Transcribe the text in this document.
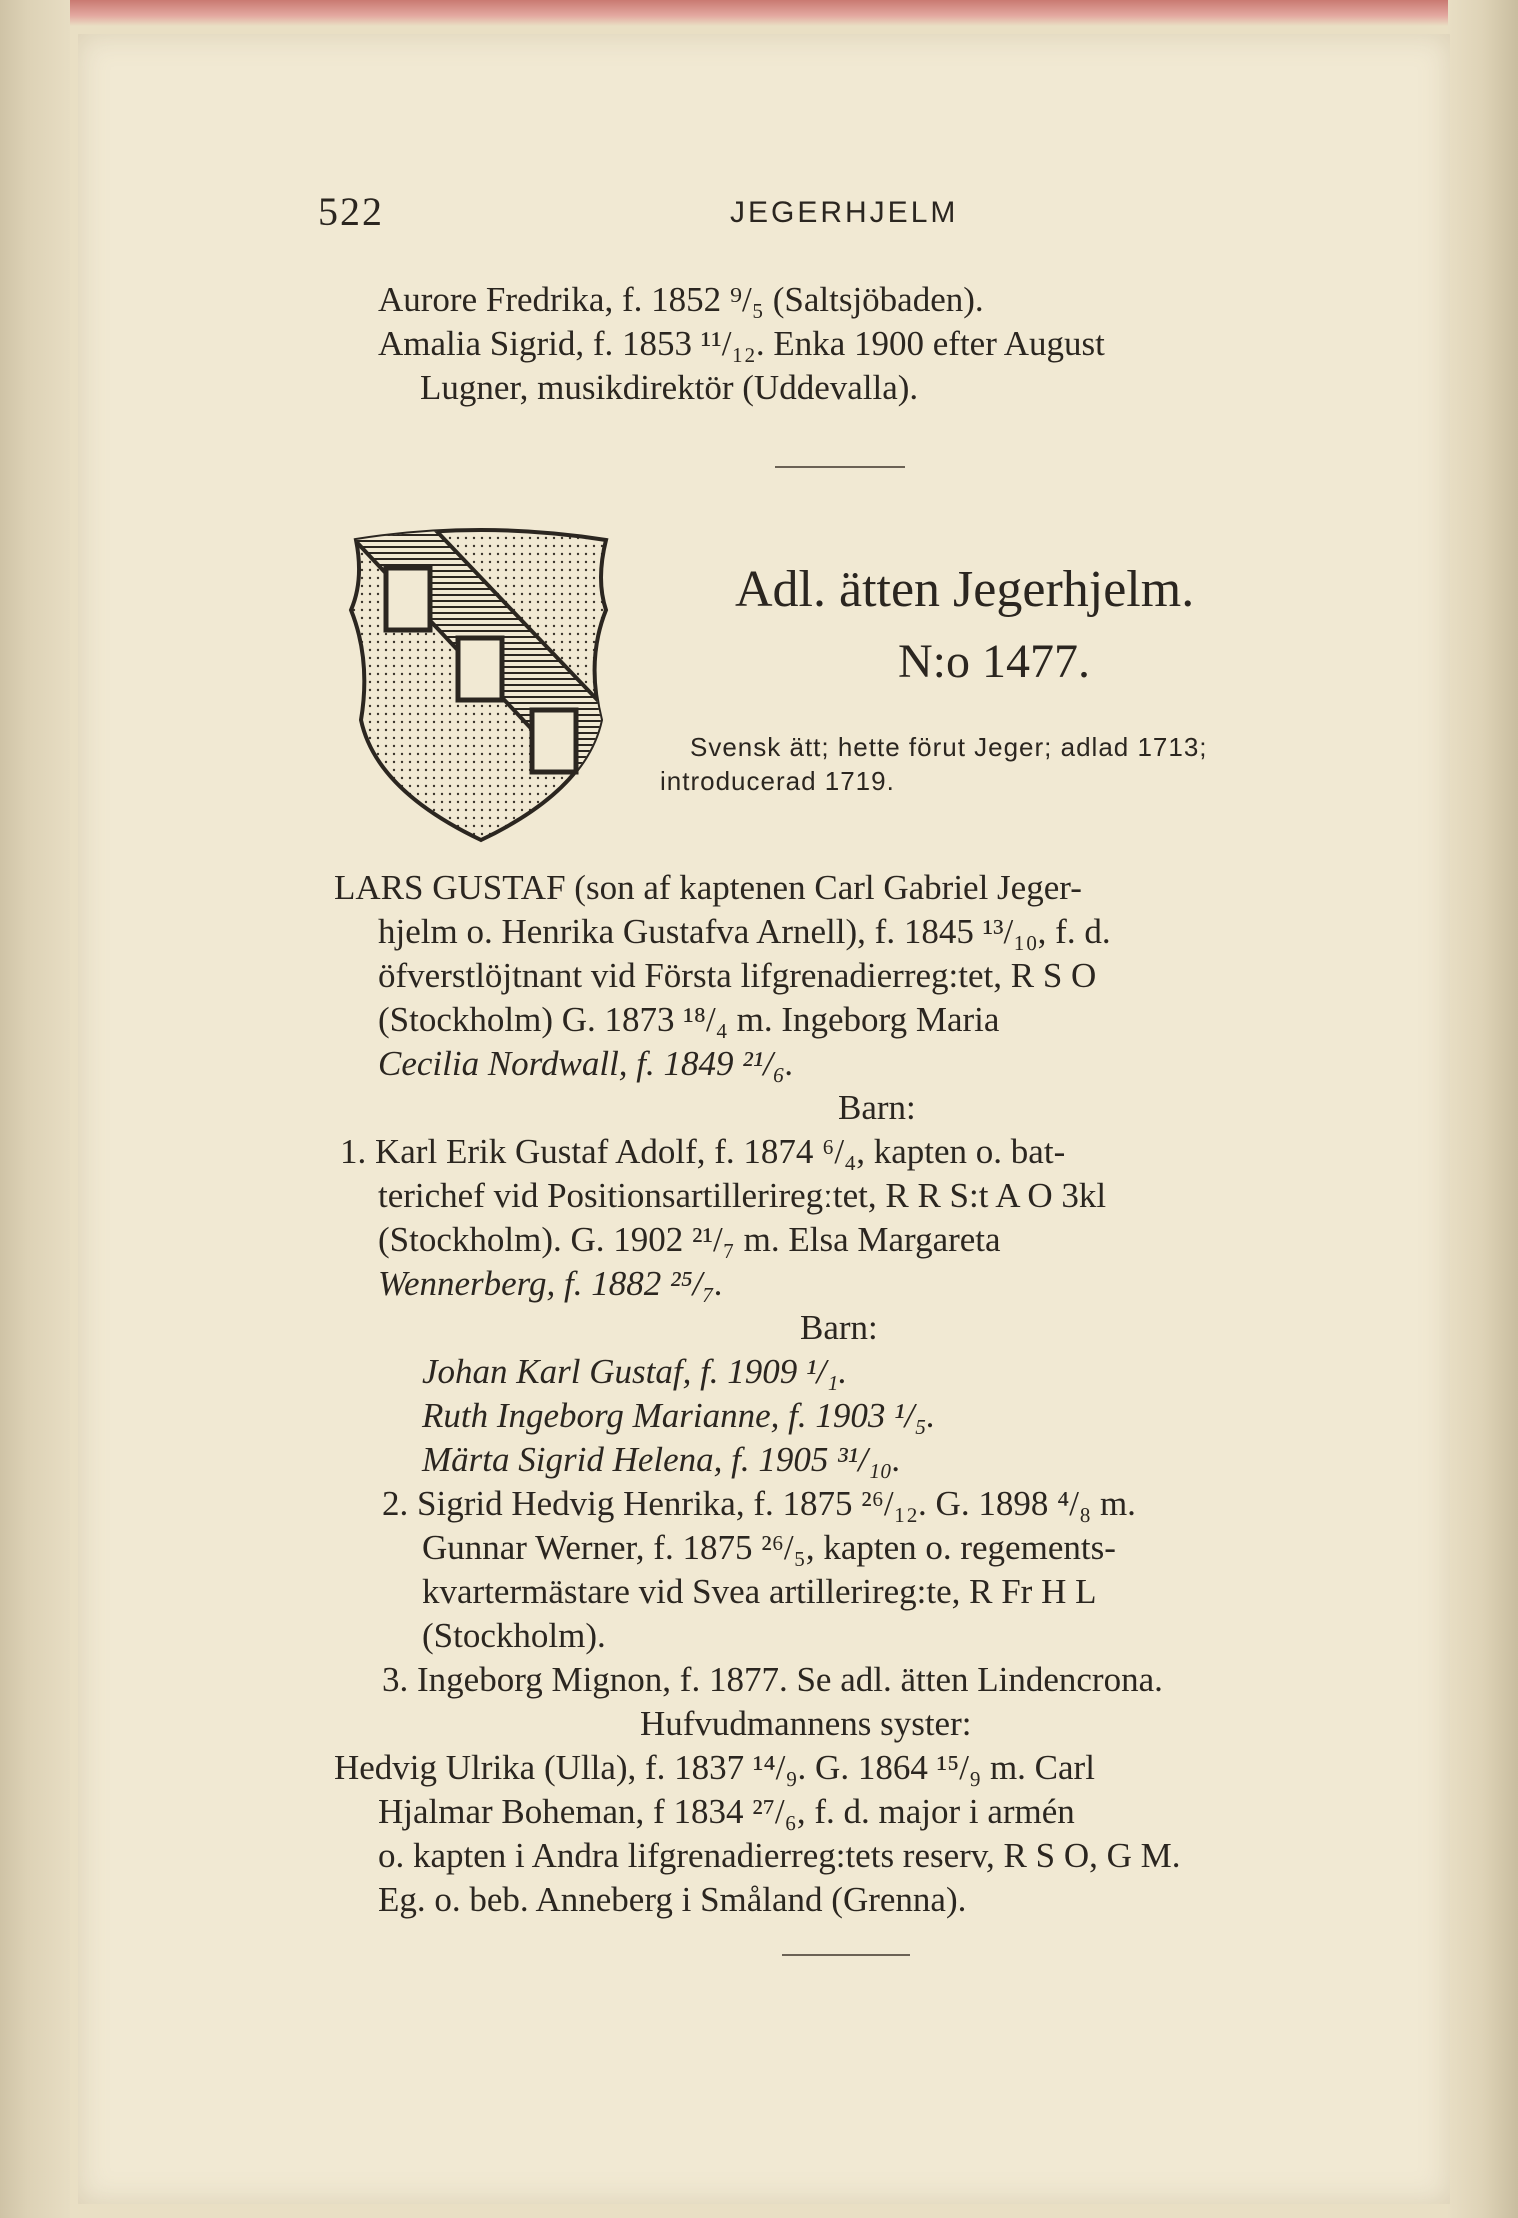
522	JEGERHJELM
Aurore Fredrika, f. 1852 ⁹/₅ (Saltsjöbaden).
Amalia Sigrid, f. 1853 ¹¹/₁₂. Enka 1900 efter August
Lugner, musikdirektör (Uddevalla).
Adl. ätten Jegerhjelm.
N:o 1477.
Svensk ätt; hette förut Jeger; adlad 1713;
introducerad 1719.
LARS GUSTAF (son af kaptenen Carl Gabriel Jeger-
hjelm o. Henrika Gustafva Arnell), f. 1845 ¹³/₁₀, f. d.
öfverstlöjtnant vid Första lifgrenadierreg:tet, R S O
(Stockholm) G. 1873 ¹⁸/₄ m. Ingeborg Maria
Cecilia Nordwall, f. 1849 ²¹/₆.
Barn:
1. Karl Erik Gustaf Adolf, f. 1874 ⁶/₄, kapten o. bat-
terichef vid Positionsartilleriregːtet, R R S:t A O 3kl
(Stockholm). G. 1902 ²¹/₇ m. Elsa Margareta
Wennerberg, f. 1882 ²⁵/₇.
Barn:
Johan Karl Gustaf, f. 1909 ¹/₁.
Ruth Ingeborg Marianne, f. 1903 ¹/₅.
Märta Sigrid Helena, f. 1905 ³¹/₁₀.
2. Sigrid Hedvig Henrika, f. 1875 ²⁶/₁₂. G. 1898 ⁴/₈ m.
Gunnar Werner, f. 1875 ²⁶/₅, kapten o. regements-
kvartermästare vid Svea artillerireg:te, R Fr H L
(Stockholm).
3. Ingeborg Mignon, f. 1877. Se adl. ätten Lindencrona.
Hufvudmannens syster:
Hedvig Ulrika (Ulla), f. 1837 ¹⁴/₉. G. 1864 ¹⁵/₉ m. Carl
Hjalmar Boheman, f 1834 ²⁷/₆, f. d. major i armén
o. kapten i Andra lifgrenadierreg:tets reserv, R S O, G M.
Eg. o. beb. Anneberg i Småland (Grenna).
